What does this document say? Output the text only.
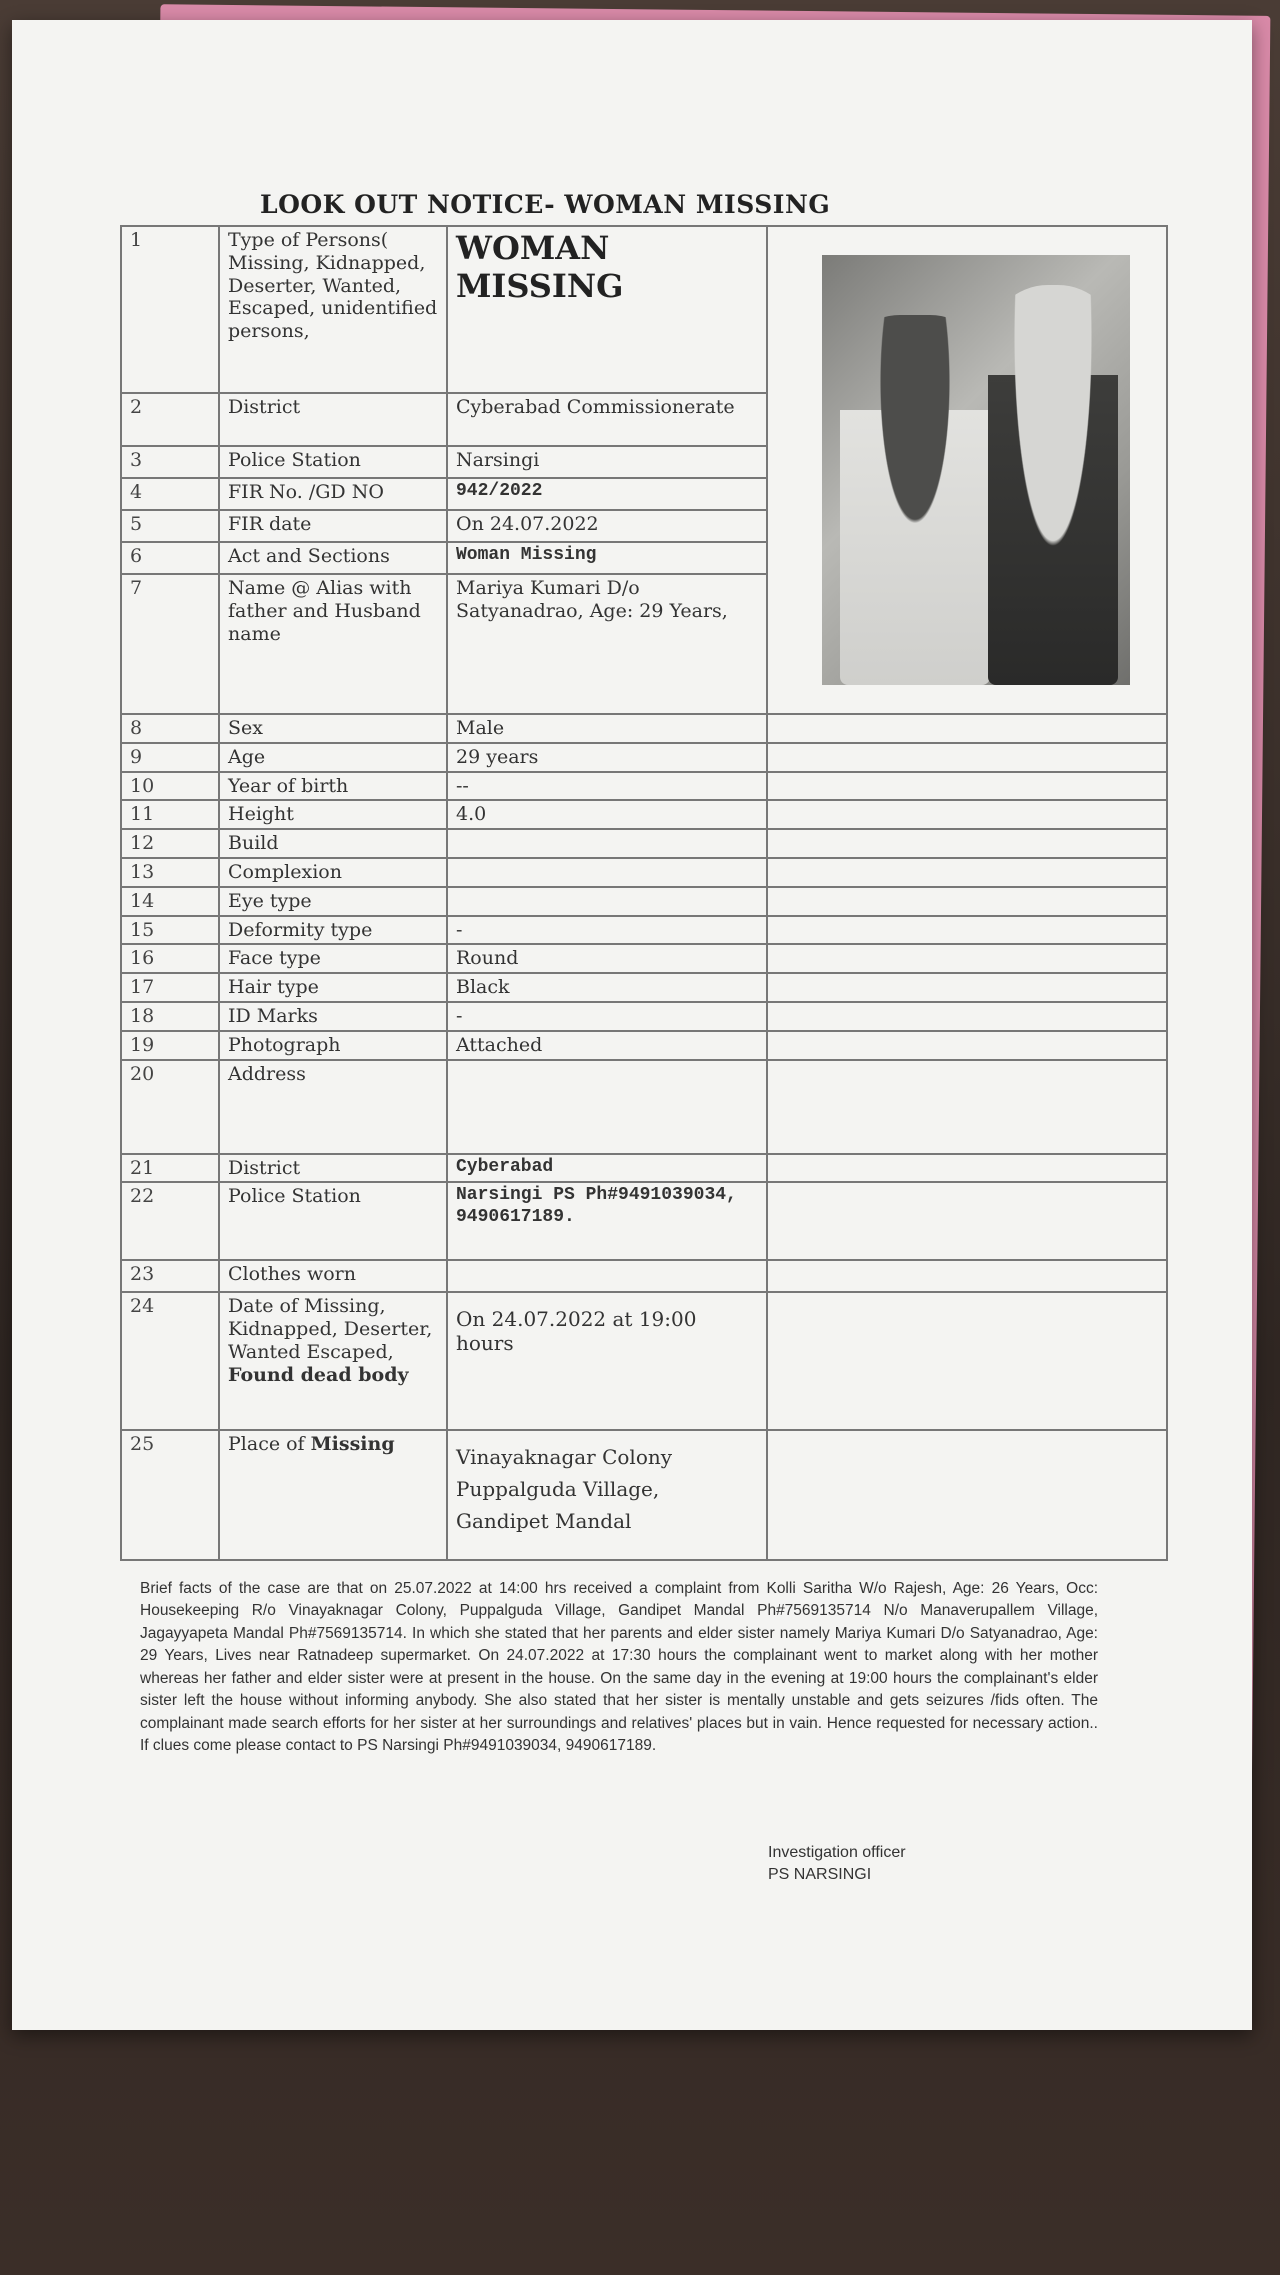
LOOK OUT NOTICE- WOMAN MISSING
1	Type of Persons( Missing, Kidnapped, Deserter, Wanted, Escaped, unidentified persons,	WOMAN
MISSING	

2	District	Cyberabad Commissionerate	
3	Police Station	Narsingi	
4	FIR No. /GD NO	942/2022	
5	FIR date	On 24.07.2022	
6	Act and Sections	Woman Missing	
7	Name @ Alias with father and Husband name	Mariya Kumari D/o Satyanadrao, Age: 29 Years,	
8	Sex	Male	
9	Age	29 years	
10	Year of birth	--	
11	Height	4.0	
12	Build		
13	Complexion		
14	Eye type		
15	Deformity type	-	
16	Face type	Round	
17	Hair type	Black	
18	ID Marks	-	
19	Photograph	Attached	
20	Address		
21	District	Cyberabad	
22	Police Station	Narsingi PS Ph#9491039034, 9490617189.	
23	Clothes worn		
24	Date of Missing, Kidnapped, Deserter, Wanted Escaped, Found dead body	On 24.07.2022 at 19:00 hours	
25	Place of Missing	Vinayaknagar Colony Puppalguda Village, Gandipet Mandal	

Brief facts of the case are that on 25.07.2022 at 14:00 hrs received a complaint from Kolli Saritha W/o Rajesh, Age: 26 Years, Occ: Housekeeping R/o Vinayaknagar Colony, Puppalguda Village, Gandipet Mandal Ph#7569135714 N/o Manaverupallem Village, Jagayyapeta Mandal Ph#7569135714. In which she stated that her parents and elder sister namely Mariya Kumari D/o Satyanadrao, Age: 29 Years, Lives near Ratnadeep supermarket. On 24.07.2022 at 17:30 hours the complainant went to market along with her mother whereas her father and elder sister were at present in the house. On the same day in the evening at 19:00 hours the complainant's elder sister left the house without informing anybody. She also stated that her sister is mentally unstable and gets seizures /fids often. The complainant made search efforts for her sister at her surroundings and relatives' places but in vain. Hence requested for necessary action.. If clues come please contact to PS Narsingi Ph#9491039034, 9490617189.

Investigation officer
PS NARSINGI
